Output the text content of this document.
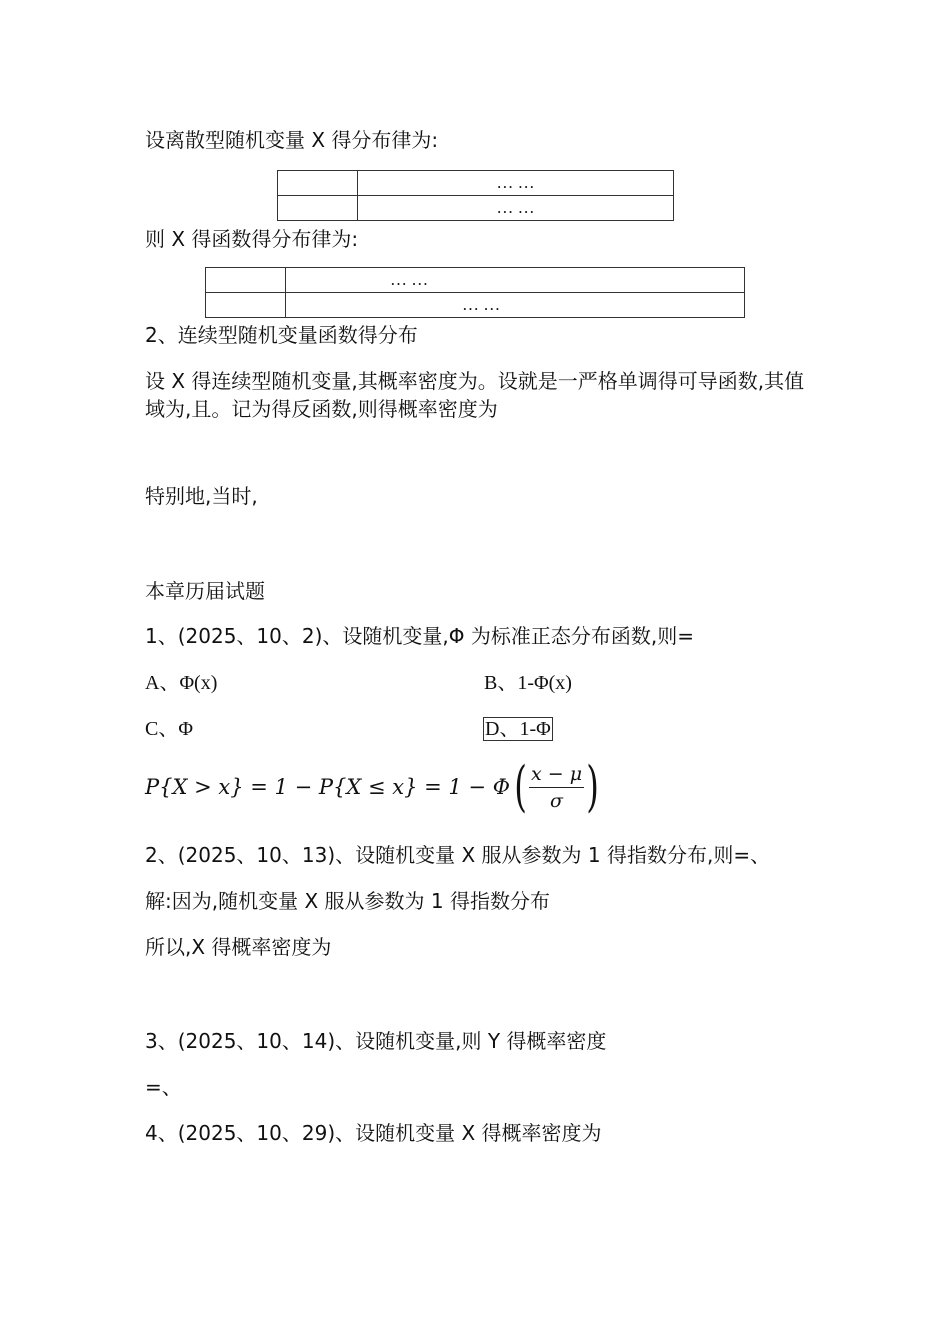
设离散型随机变量 X 得分布律为:
	… …
	… …
则 X 得函数得分布律为:
	… …
	… …
2、连续型随机变量函数得分布
设 X 得连续型随机变量,其概率密度为。设就是一严格单调得可导函数,其值域为,且。记为得反函数,则得概率密度为
特别地,当时,
本章历届试题
1、(2025、10、2)、设随机变量,Φ 为标准正态分布函数,则=
A、Φ(x)	B、1-Φ(x)
C、Φ	D、1-Φ
P{X > x} = 1 − P{X ≤ x} = 1 − Φ ( $\frac{x - \mu}{\sigma}$ )
2、(2025、10、13)、设随机变量 X 服从参数为 1 得指数分布,则=、
解:因为,随机变量 X 服从参数为 1 得指数分布
所以,X 得概率密度为
3、(2025、10、14)、设随机变量,则 Y 得概率密度
=、
4、(2025、10、29)、设随机变量 X 得概率密度为
